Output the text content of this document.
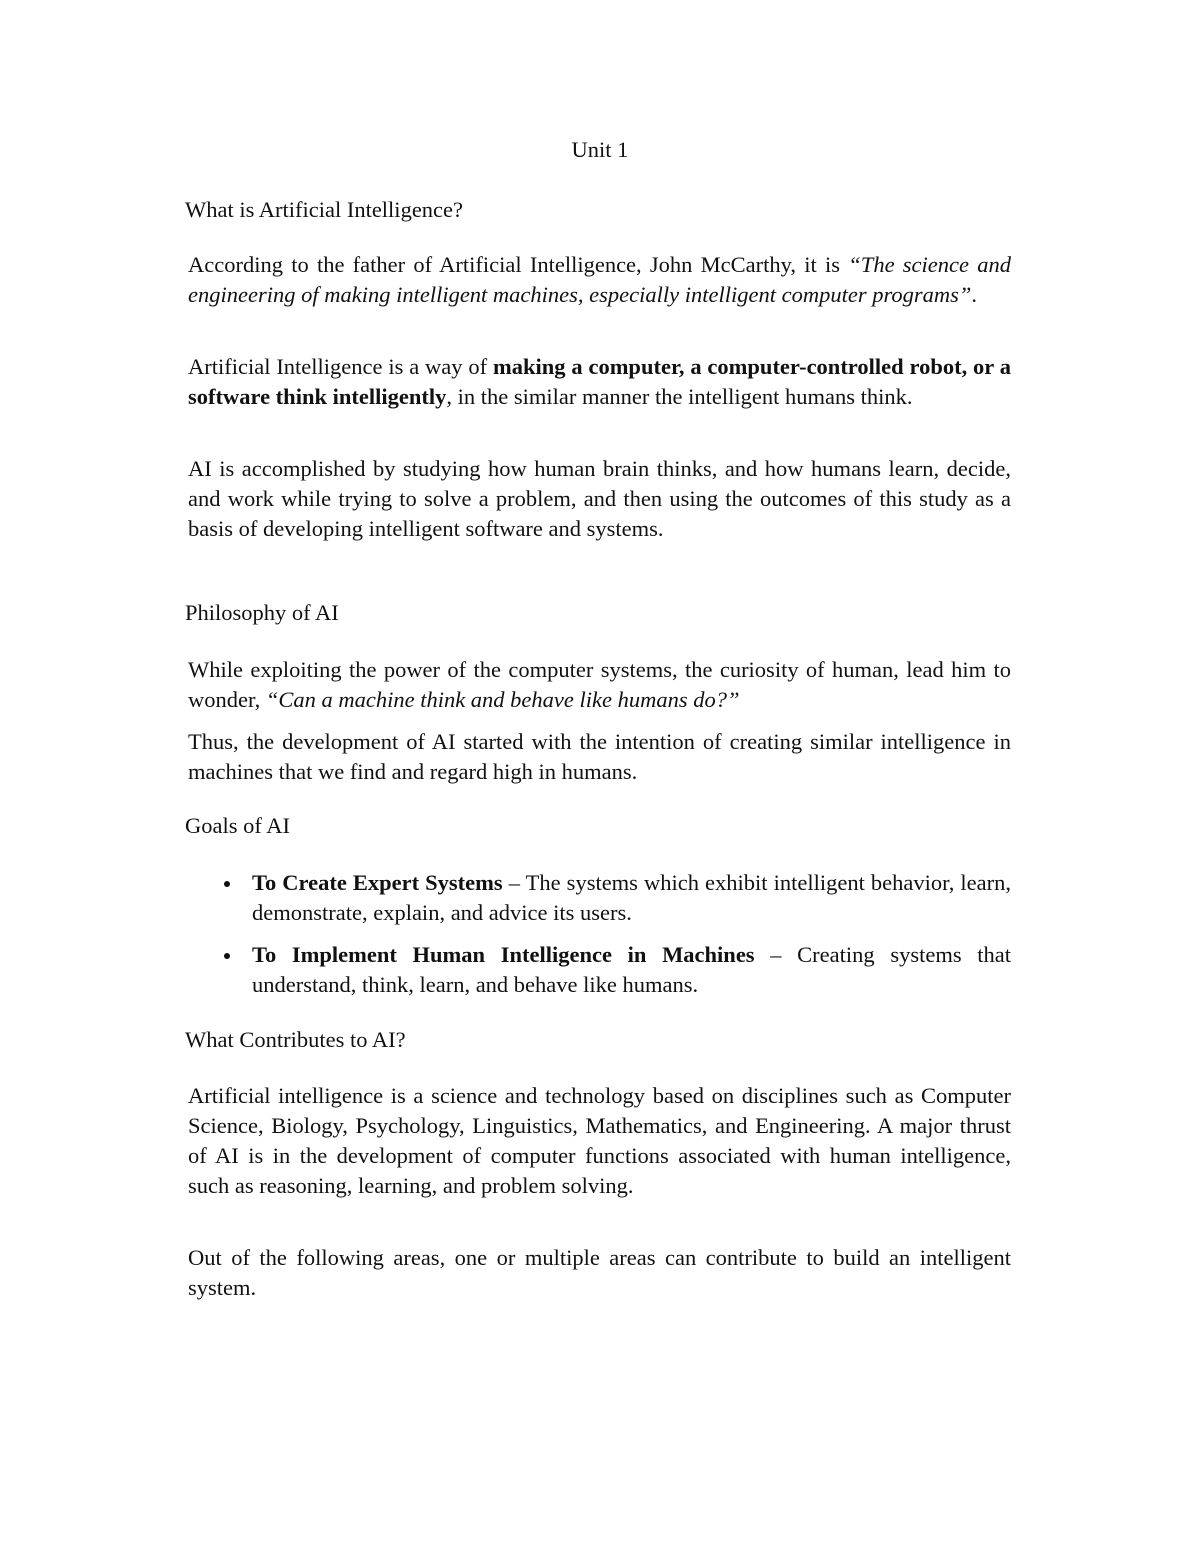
Unit 1
What is Artificial Intelligence?

According to the father of Artificial Intelligence, John McCarthy, it is “The science and engineering of making intelligent machines, especially intelligent computer programs”.

Artificial Intelligence is a way of making a computer, a computer-controlled robot, or a software think intelligently, in the similar manner the intelligent humans think.

AI is accomplished by studying how human brain thinks, and how humans learn, decide, and work while trying to solve a problem, and then using the outcomes of this study as a basis of developing intelligent software and systems.

Philosophy of AI

While exploiting the power of the computer systems, the curiosity of human, lead him to wonder, “Can a machine think and behave like humans do?”

Thus, the development of AI started with the intention of creating similar intelligence in machines that we find and regard high in humans.

Goals of AI
To Create Expert Systems – The systems which exhibit intelligent behavior, learn, demonstrate, explain, and advice its users.
To Implement Human Intelligence in Machines – Creating systems that understand, think, learn, and behave like humans.
What Contributes to AI?

Artificial intelligence is a science and technology based on disciplines such as Computer Science, Biology, Psychology, Linguistics, Mathematics, and Engineering. A major thrust of AI is in the development of computer functions associated with human intelligence, such as reasoning, learning, and problem solving.

Out of the following areas, one or multiple areas can contribute to build an intelligent system.
